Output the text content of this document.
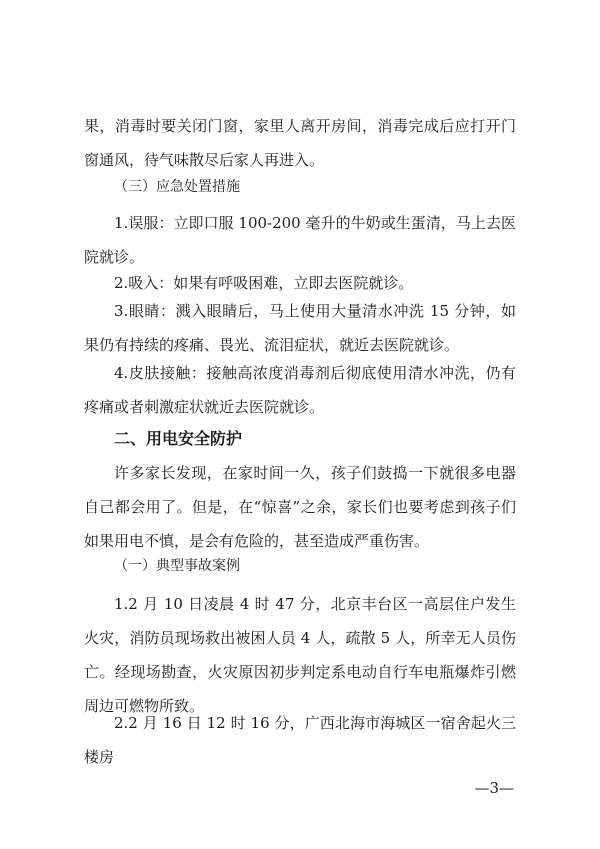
果，消毒时要关闭门窗，家里人离开房间，消毒完成后应打开门窗通风，待气味散尽后家人再进入。

（三）应急处置措施

1.误服：立即口服 100-200 毫升的牛奶或生蛋清，马上去医院就诊。

2.吸入：如果有呼吸困难，立即去医院就诊。

3.眼睛：溅入眼睛后，马上使用大量清水冲洗 15 分钟，如果仍有持续的疼痛、畏光、流泪症状，就近去医院就诊。

4.皮肤接触：接触高浓度消毒剂后彻底使用清水冲洗，仍有疼痛或者刺激症状就近去医院就诊。

二、用电安全防护

许多家长发现，在家时间一久，孩子们鼓捣一下就很多电器自己都会用了。但是，在“惊喜”之余，家长们也要考虑到孩子们如果用电不慎，是会有危险的，甚至造成严重伤害。

（一）典型事故案例

1.2 月 10 日凌晨 4 时 47 分，北京丰台区一高层住户发生火灾，消防员现场救出被困人员 4 人，疏散 5 人，所幸无人员伤亡。经现场勘查，火灾原因初步判定系电动自行车电瓶爆炸引燃周边可燃物所致。

2.2 月 16 日 12 时 16 分，广西北海市海城区一宿舍起火三楼房

—3—
